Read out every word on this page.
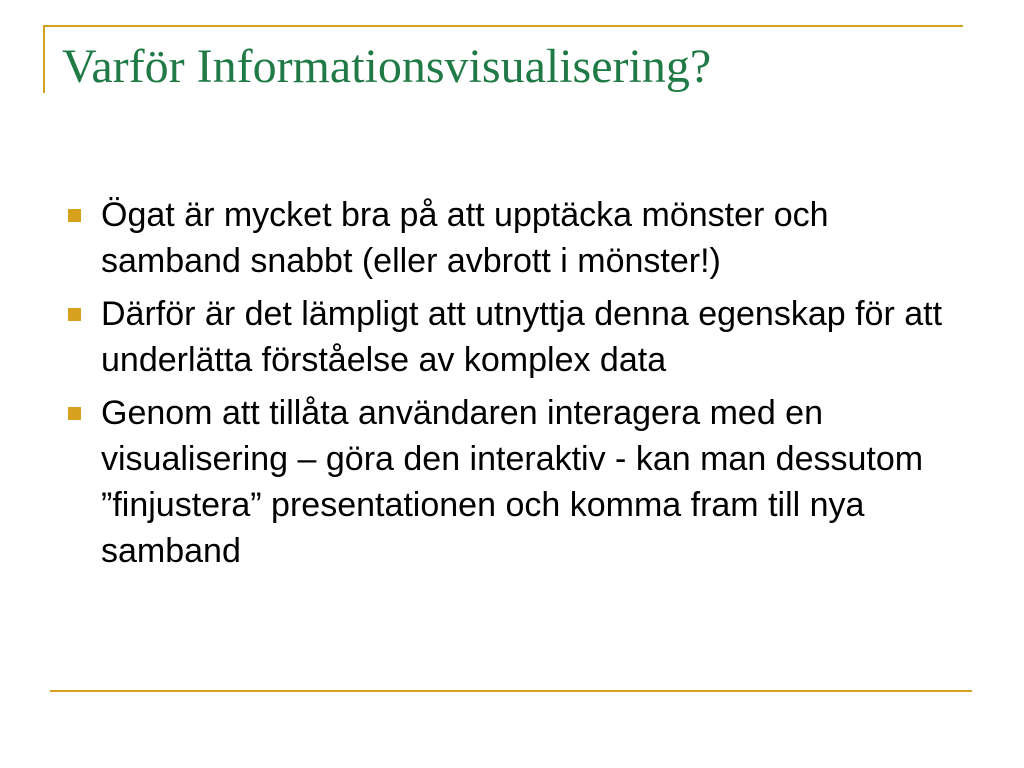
Varför Informationsvisualisering?
Ögat är mycket bra på att upptäcka mönster och samband snabbt (eller avbrott i mönster!)
Därför är det lämpligt att utnyttja denna egenskap för att underlätta förståelse av komplex data
Genom att tillåta användaren interagera med en visualisering – göra den interaktiv - kan man dessutom ”finjustera” presentationen och komma fram till nya samband
